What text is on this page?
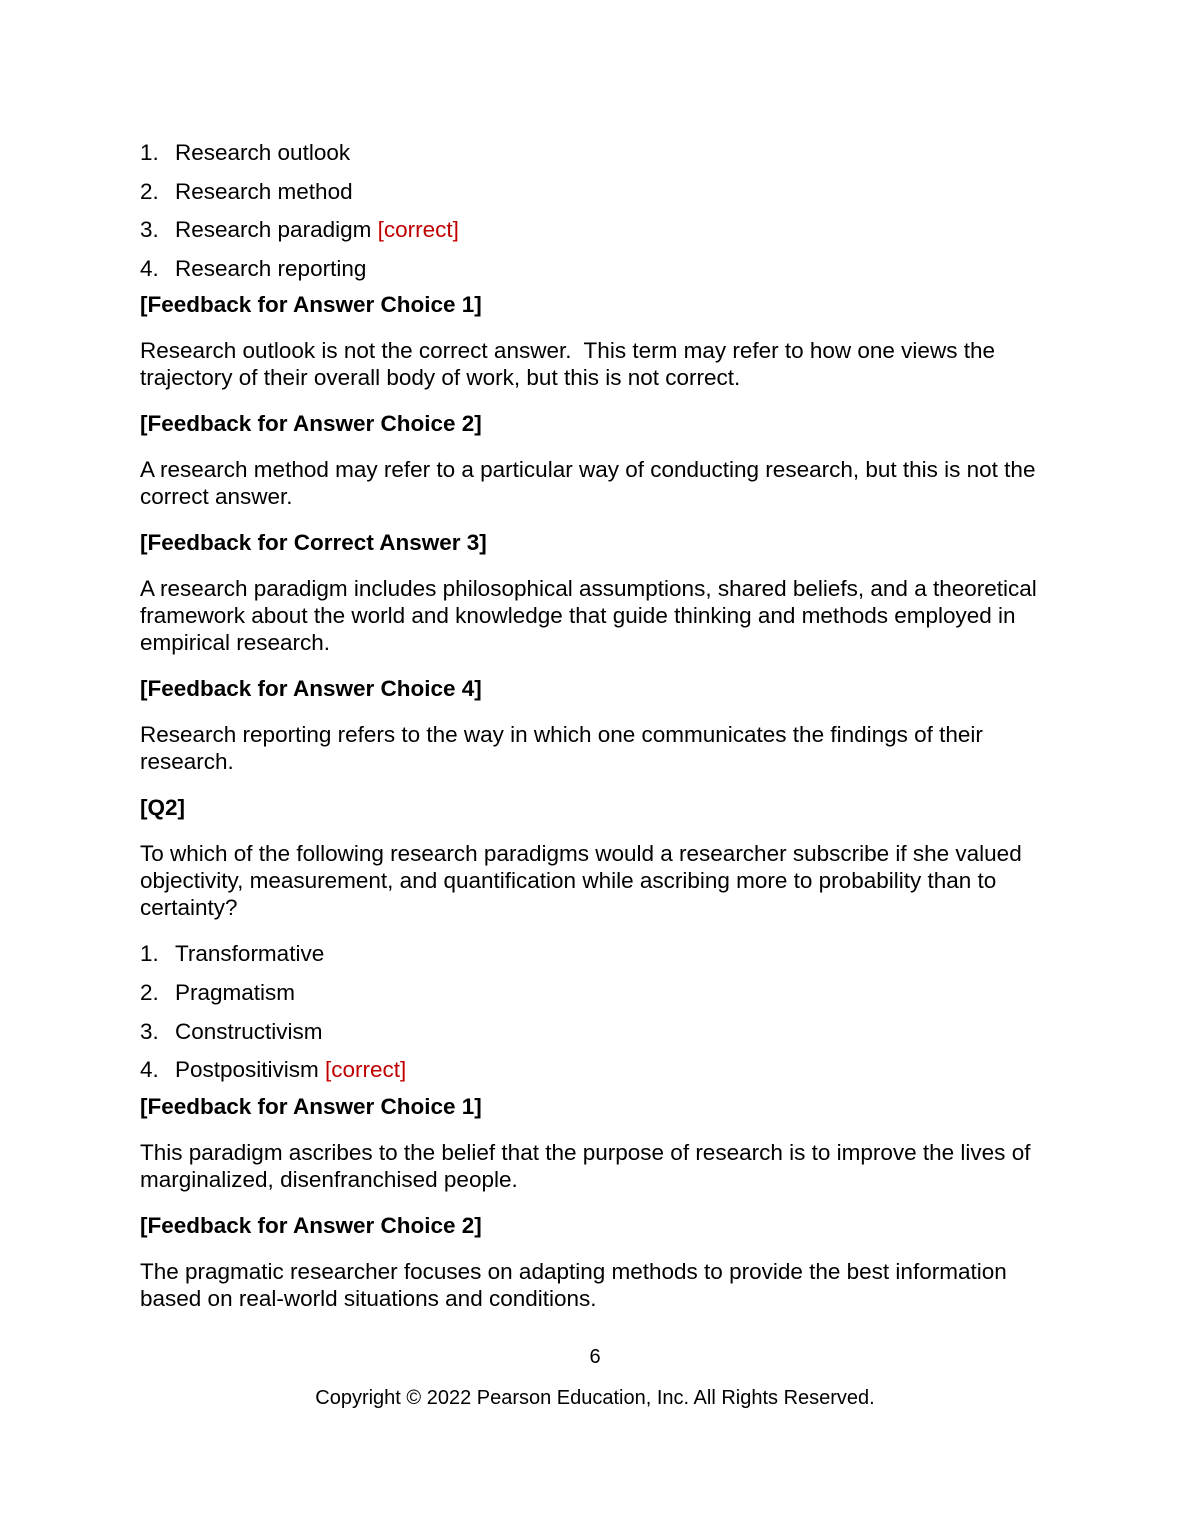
1. Research outlook
2. Research method
3. Research paradigm [correct]
4. Research reporting
[Feedback for Answer Choice 1]

Research outlook is not the correct answer.  This term may refer to how one views the trajectory of their overall body of work, but this is not correct.

[Feedback for Answer Choice 2]

A research method may refer to a particular way of conducting research, but this is not the correct answer.

[Feedback for Correct Answer 3]

A research paradigm includes philosophical assumptions, shared beliefs, and a theoretical framework about the world and knowledge that guide thinking and methods employed in empirical research.

[Feedback for Answer Choice 4]

Research reporting refers to the way in which one communicates the findings of their research.

[Q2]

To which of the following research paradigms would a researcher subscribe if she valued objectivity, measurement, and quantification while ascribing more to probability than to certainty?

1. Transformative
2. Pragmatism
3. Constructivism
4. Postpositivism [correct]
[Feedback for Answer Choice 1]

This paradigm ascribes to the belief that the purpose of research is to improve the lives of marginalized, disenfranchised people.

[Feedback for Answer Choice 2]

The pragmatic researcher focuses on adapting methods to provide the best information based on real-world situations and conditions.

6
Copyright © 2022 Pearson Education, Inc. All Rights Reserved.
